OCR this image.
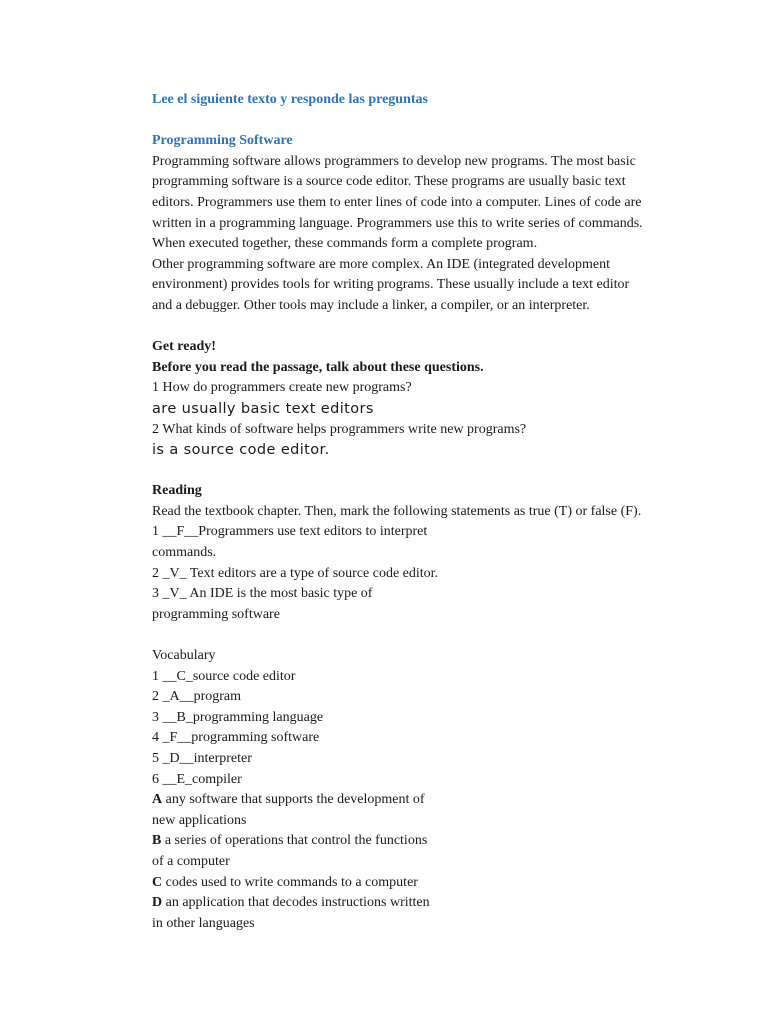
Lee el siguiente texto y responde las preguntas
Programming Software
Programming software allows programmers to develop new programs. The most basic
programming software is a source code editor. These programs are usually basic text
editors. Programmers use them to enter lines of code into a computer. Lines of code are
written in a programming language. Programmers use this to write series of commands.
When executed together, these commands form a complete program.
Other programming software are more complex. An IDE (integrated development
environment) provides tools for writing programs. These usually include a text editor
and a debugger. Other tools may include a linker, a compiler, or an interpreter.
Get ready!
Before you read the passage, talk about these questions.
1 How do programmers create new programs?
are usually basic text editors
2 What kinds of software helps programmers write new programs?
is a source code editor.
Reading
Read the textbook chapter. Then, mark the following statements as true (T) or false (F).
1 __F__Programmers use text editors to interpret
commands.
2 _V_ Text editors are a type of source code editor.
3 _V_ An IDE is the most basic type of
programming software
Vocabulary
1 __C_source code editor
2 _A__program
3 __B_programming language
4 _F__programming software
5 _D__interpreter
6 __E_compiler
A any software that supports the development of
new applications
B a series of operations that control the functions
of a computer
C codes used to write commands to a computer
D an application that decodes instructions written
in other languages
